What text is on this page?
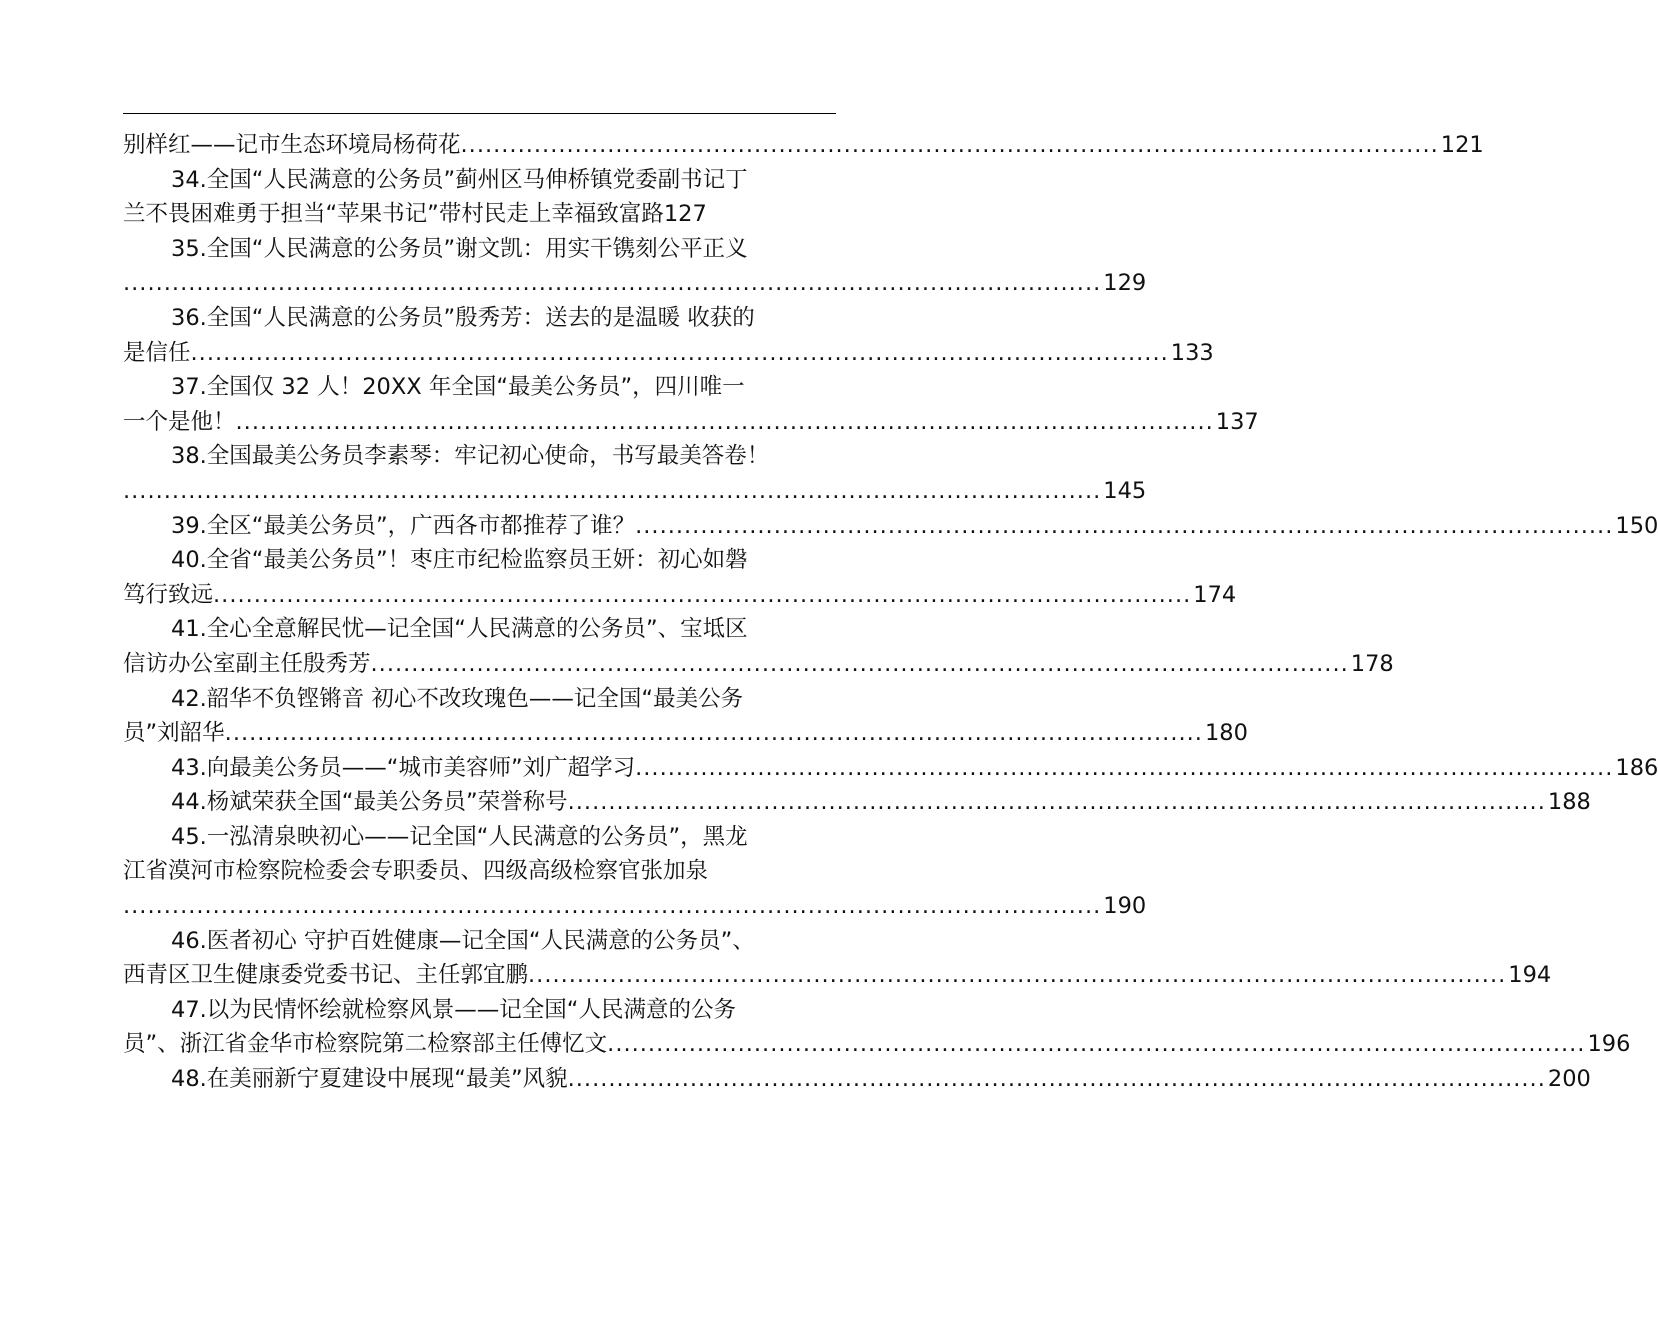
别样红——记市生态环境局杨荷花 ........................................................................................................................ 121
34.全国“人民满意的公务员”蓟州区马伸桥镇党委副书记丁
兰不畏困难勇于担当“苹果书记”带村民走上幸福致富路127
35.全国“人民满意的公务员”谢文凯：用实干镌刻公平正义
........................................................................................................................ 129
36.全国“人民满意的公务员”殷秀芳：送去的是温暖 收获的
是信任 ........................................................................................................................ 133
37.全国仅 32 人！20XX 年全国“最美公务员”，四川唯一
一个是他！ ........................................................................................................................ 137
38.全国最美公务员李素琴：牢记初心使命，书写最美答卷！
........................................................................................................................ 145
39.全区“最美公务员”，广西各市都推荐了谁？ ........................................................................................................................ 150
40.全省“最美公务员”！枣庄市纪检监察员王妍：初心如磐
笃行致远 ........................................................................................................................ 174
41.全心全意解民忧—记全国“人民满意的公务员”、宝坻区
信访办公室副主任殷秀芳 ........................................................................................................................ 178
42.韶华不负铿锵音 初心不改玫瑰色——记全国“最美公务
员”刘韶华 ........................................................................................................................ 180
43.向最美公务员——“城市美容师”刘广超学习 ........................................................................................................................ 186
44.杨斌荣获全国“最美公务员”荣誉称号 ........................................................................................................................ 188
45.一泓清泉映初心——记全国“人民满意的公务员”，黑龙
江省漠河市检察院检委会专职委员、四级高级检察官张加泉
........................................................................................................................ 190
46.医者初心 守护百姓健康—记全国“人民满意的公务员”、
西青区卫生健康委党委书记、主任郭宜鹏 ........................................................................................................................ 194
47.以为民情怀绘就检察风景——记全国“人民满意的公务
员”、浙江省金华市检察院第二检察部主任傅忆文 ........................................................................................................................ 196
48.在美丽新宁夏建设中展现“最美”风貌 ........................................................................................................................ 200
